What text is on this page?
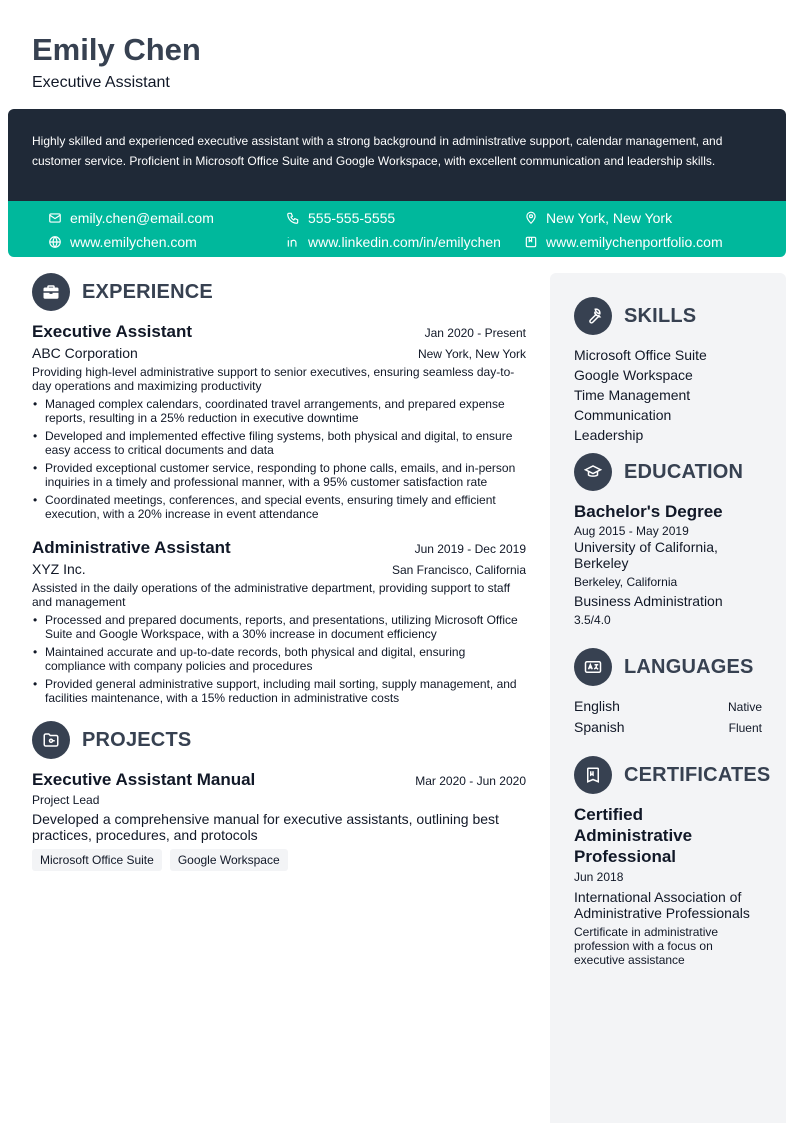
Emily Chen
Executive Assistant
Highly skilled and experienced executive assistant with a strong background in administrative support, calendar management, and customer service. Proficient in Microsoft Office Suite and Google Workspace, with excellent communication and leadership skills.
emily.chen@email.com	555-555-5555	New York, New York
www.emilychen.com	www.linkedin.com/in/emilychen	www.emilychenportfolio.com
EXPERIENCE
Executive Assistant	Jan 2020 - Present
ABC Corporation	New York, New York
Providing high-level administrative support to senior executives, ensuring seamless day-to-day operations and maximizing productivity
• Managed complex calendars, coordinated travel arrangements, and prepared expense reports, resulting in a 25% reduction in executive downtime
• Developed and implemented effective filing systems, both physical and digital, to ensure easy access to critical documents and data
• Provided exceptional customer service, responding to phone calls, emails, and in-person inquiries in a timely and professional manner, with a 95% customer satisfaction rate
• Coordinated meetings, conferences, and special events, ensuring timely and efficient execution, with a 20% increase in event attendance
Administrative Assistant	Jun 2019 - Dec 2019
XYZ Inc.	San Francisco, California
Assisted in the daily operations of the administrative department, providing support to staff and management
• Processed and prepared documents, reports, and presentations, utilizing Microsoft Office Suite and Google Workspace, with a 30% increase in document efficiency
• Maintained accurate and up-to-date records, both physical and digital, ensuring compliance with company policies and procedures
• Provided general administrative support, including mail sorting, supply management, and facilities maintenance, with a 15% reduction in administrative costs
PROJECTS
Executive Assistant Manual	Mar 2020 - Jun 2020
Project Lead
Developed a comprehensive manual for executive assistants, outlining best practices, procedures, and protocols
Microsoft Office Suite	Google Workspace
SKILLS
Microsoft Office Suite
Google Workspace
Time Management
Communication
Leadership
EDUCATION
Bachelor's Degree
Aug 2015 - May 2019
University of California, Berkeley
Berkeley, California
Business Administration
3.5/4.0
LANGUAGES
English	Native
Spanish	Fluent
CERTIFICATES
Certified Administrative Professional
Jun 2018
International Association of Administrative Professionals
Certificate in administrative profession with a focus on executive assistance
